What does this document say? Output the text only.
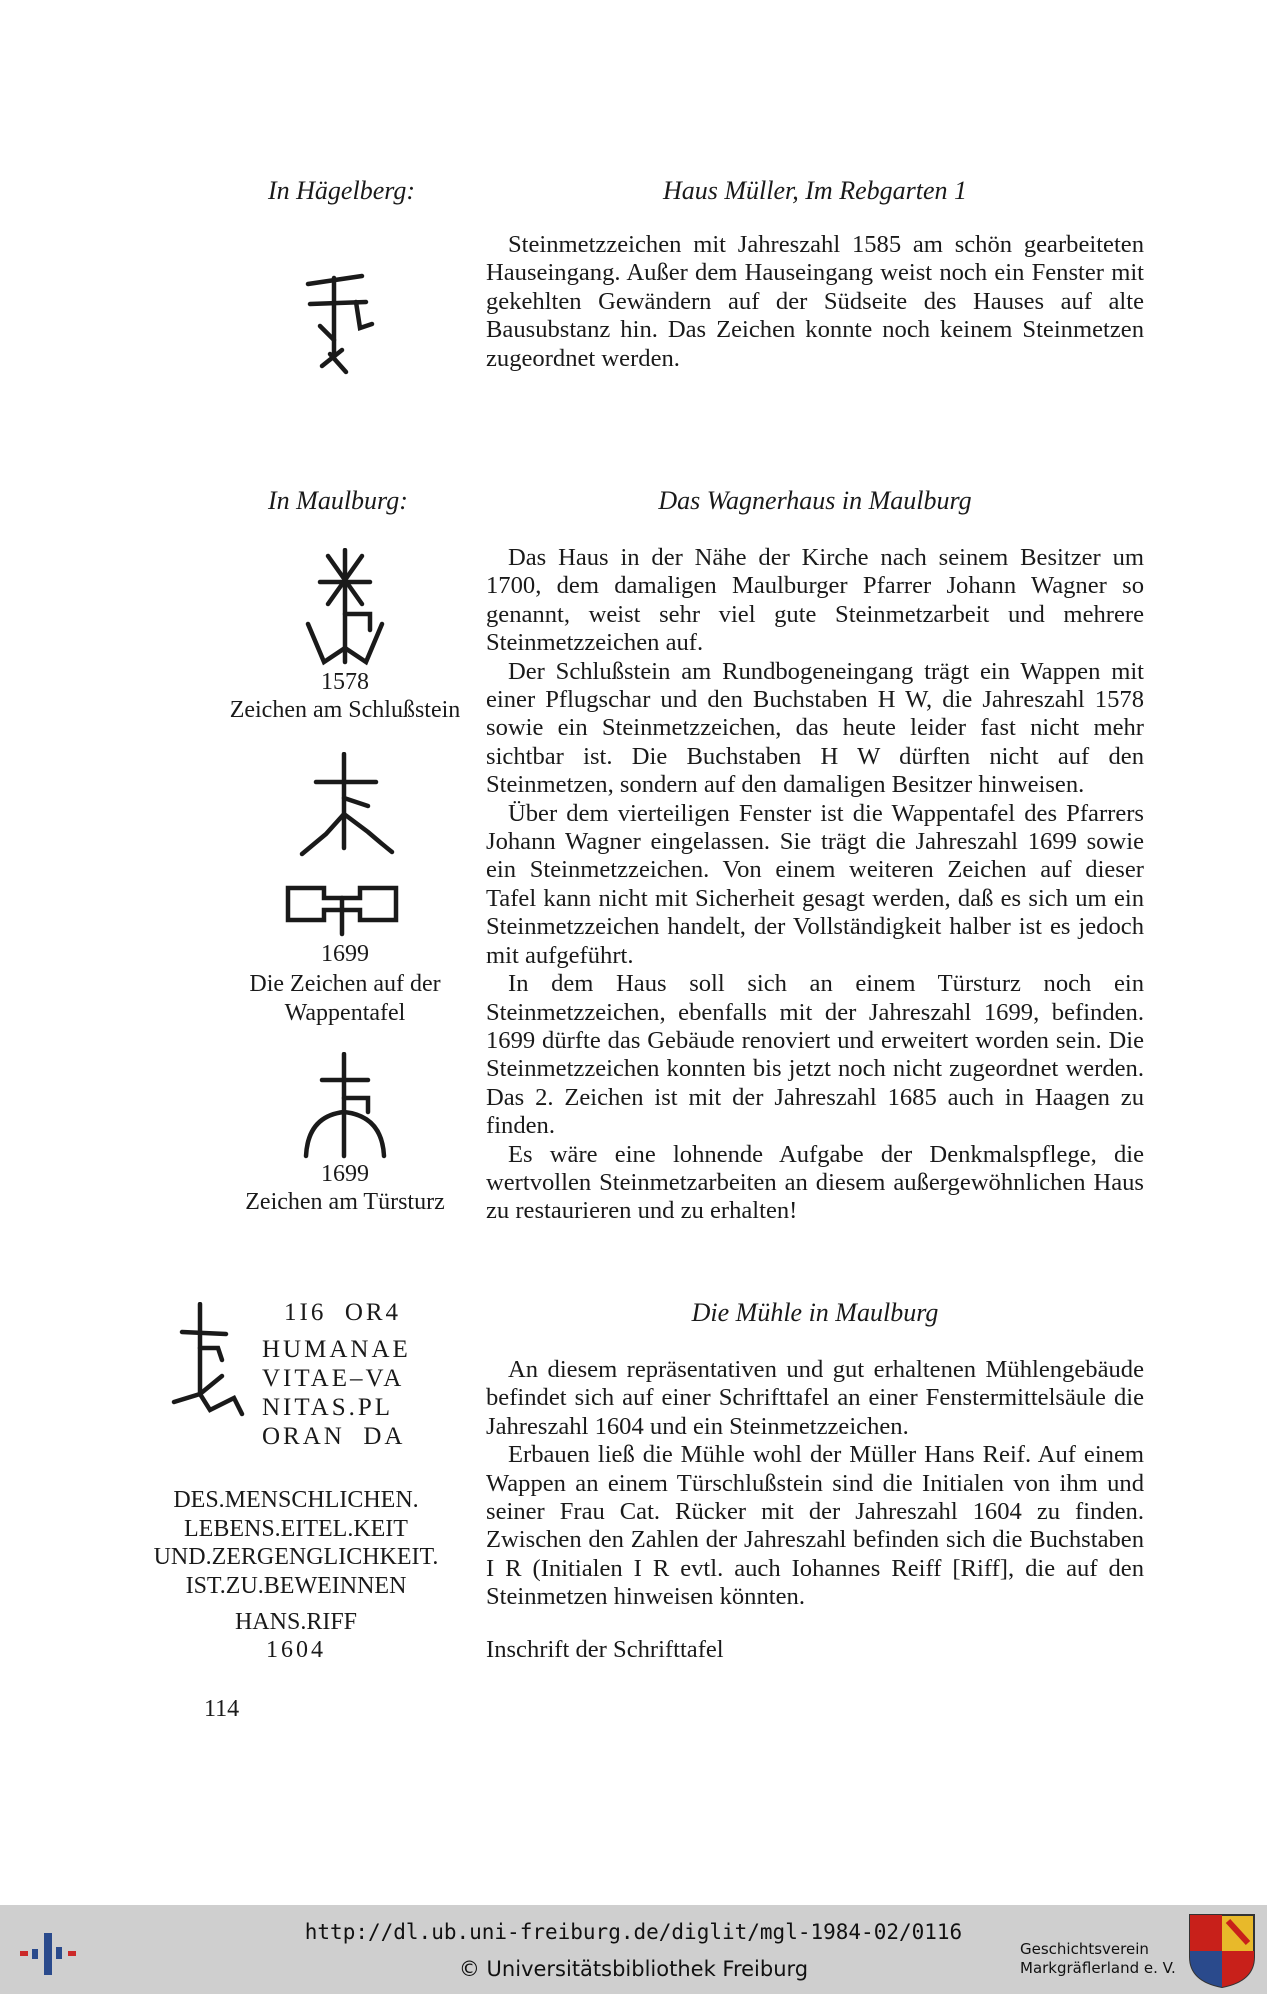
In Hägelberg:	Haus Müller, Im Rebgarten 1

Steinmetzzeichen mit Jahreszahl 1585 am schön gearbeiteten Hauseingang. Außer dem Hauseingang weist noch ein Fenster mit gekehlten Gewändern auf der Südseite des Hauses auf alte Bausubstanz hin. Das Zeichen konnte noch keinem Steinmetzen zugeordnet werden.

In Maulburg:	Das Wagnerhaus in Maulburg
1578
Zeichen am Schlußstein
1699
Die Zeichen auf der
Wappentafel
1699
Zeichen am Türsturz

Das Haus in der Nähe der Kirche nach seinem Besitzer um 1700, dem damaligen Maulburger Pfarrer Johann Wagner so genannt, weist sehr viel gute Steinmetzarbeit und mehrere Steinmetzzeichen auf.

Der Schlußstein am Rundbogeneingang trägt ein Wappen mit einer Pflugschar und den Buchstaben H W, die Jahreszahl 1578 sowie ein Steinmetzzeichen, das heute leider fast nicht mehr sichtbar ist. Die Buchstaben H W dürften nicht auf den Steinmetzen, sondern auf den damaligen Besitzer hinweisen.

Über dem vierteiligen Fenster ist die Wappentafel des Pfarrers Johann Wagner eingelassen. Sie trägt die Jahreszahl 1699 sowie ein Steinmetzzeichen. Von einem weiteren Zeichen auf dieser Tafel kann nicht mit Sicherheit gesagt werden, daß es sich um ein Steinmetzzeichen handelt, der Vollständigkeit halber ist es jedoch mit aufgeführt.

In dem Haus soll sich an einem Türsturz noch ein Steinmetzzeichen, ebenfalls mit der Jahreszahl 1699, befinden. 1699 dürfte das Gebäude renoviert und erweitert worden sein. Die Steinmetzzeichen konnten bis jetzt noch nicht zugeordnet werden. Das 2. Zeichen ist mit der Jahreszahl 1685 auch in Haagen zu finden.

Es wäre eine lohnende Aufgabe der Denkmalspflege, die wertvollen Steinmetzarbeiten an diesem außergewöhnlichen Haus zu restaurieren und zu erhalten!

1I6  OR4
HUMANAE
VITAE–VA
NITAS.PL
ORAN  DA
DES.MENSCHLICHEN.
LEBENS.EITEL.KEIT
UND.ZERGENGLICHKEIT.
IST.ZU.BEWEINNEN
HANS.RIFF
1604
Die Mühle in Maulburg

An diesem repräsentativen und gut erhaltenen Mühlengebäude befindet sich auf einer Schrifttafel an einer Fenstermittelsäule die Jahreszahl 1604 und ein Steinmetzzeichen.

Erbauen ließ die Mühle wohl der Müller Hans Reif. Auf einem Wappen an einem Türschlußstein sind die Initialen von ihm und seiner Frau Cat. Rücker mit der Jahreszahl 1604 zu finden. Zwischen den Zahlen der Jahreszahl befinden sich die Buchstaben I R (Initialen I R evtl. auch Iohannes Reiff [Riff], die auf den Steinmetzen hinweisen könnten.

Inschrift der Schrifttafel
114
http://dl.ub.uni-freiburg.de/diglit/mgl-1984-02/0116
© Universitätsbibliothek Freiburg
Geschichtsverein
Markgräflerland e. V.
